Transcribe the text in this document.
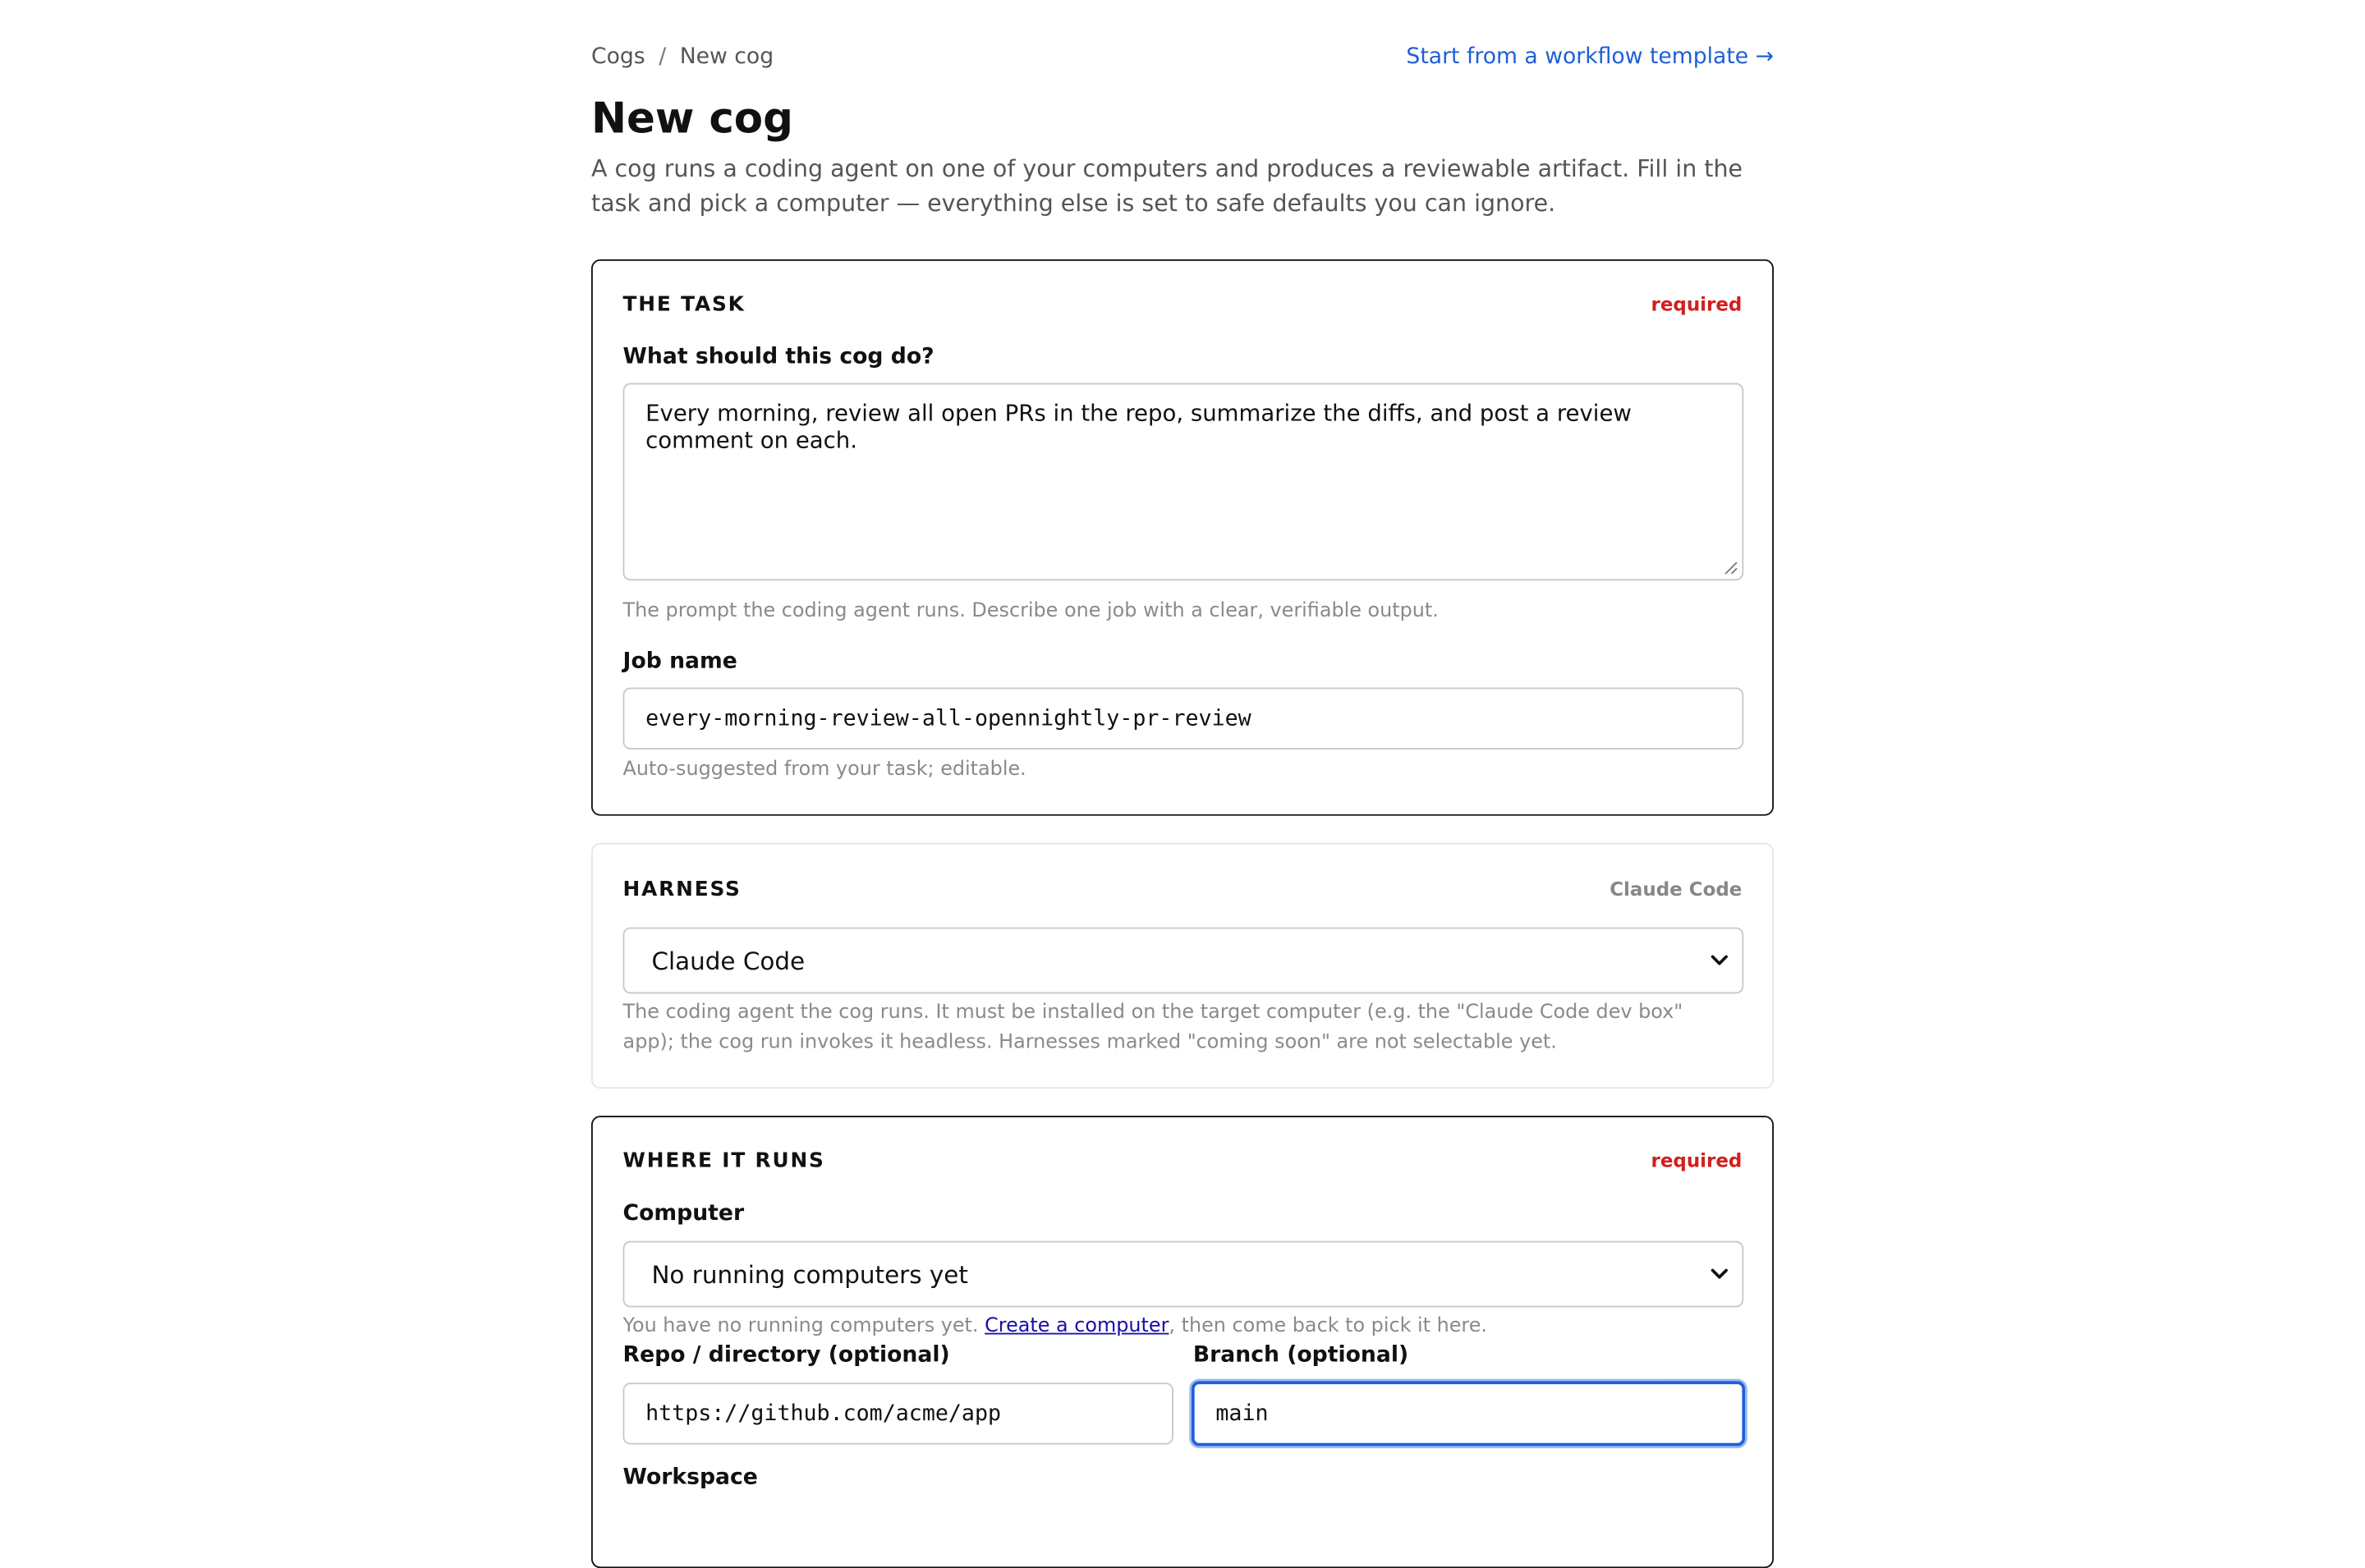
Cogs / New cog	Start from a workflow template →
New cog

A cog runs a coding agent on one of your computers and produces a reviewable artifact. Fill in the task and pick a computer — everything else is set to safe defaults you can ignore.

THE TASK	required
What should this cog do?
Every morning, review all open PRs in the repo, summarize the diffs, and post a review comment on each.
The prompt the coding agent runs. Describe one job with a clear, verifiable output.
Job name
every-morning-review-all-opennightly-pr-review
Auto-suggested from your task; editable.
HARNESS	Claude Code
Claude Code
The coding agent the cog runs. It must be installed on the target computer (e.g. the "Claude Code dev box" app); the cog run invokes it headless. Harnesses marked "coming soon" are not selectable yet.
WHERE IT RUNS	required
Computer
No running computers yet
You have no running computers yet. Create a computer, then come back to pick it here.
Repo / directory (optional)	Branch (optional)
https://github.com/acme/app	main
Workspace
